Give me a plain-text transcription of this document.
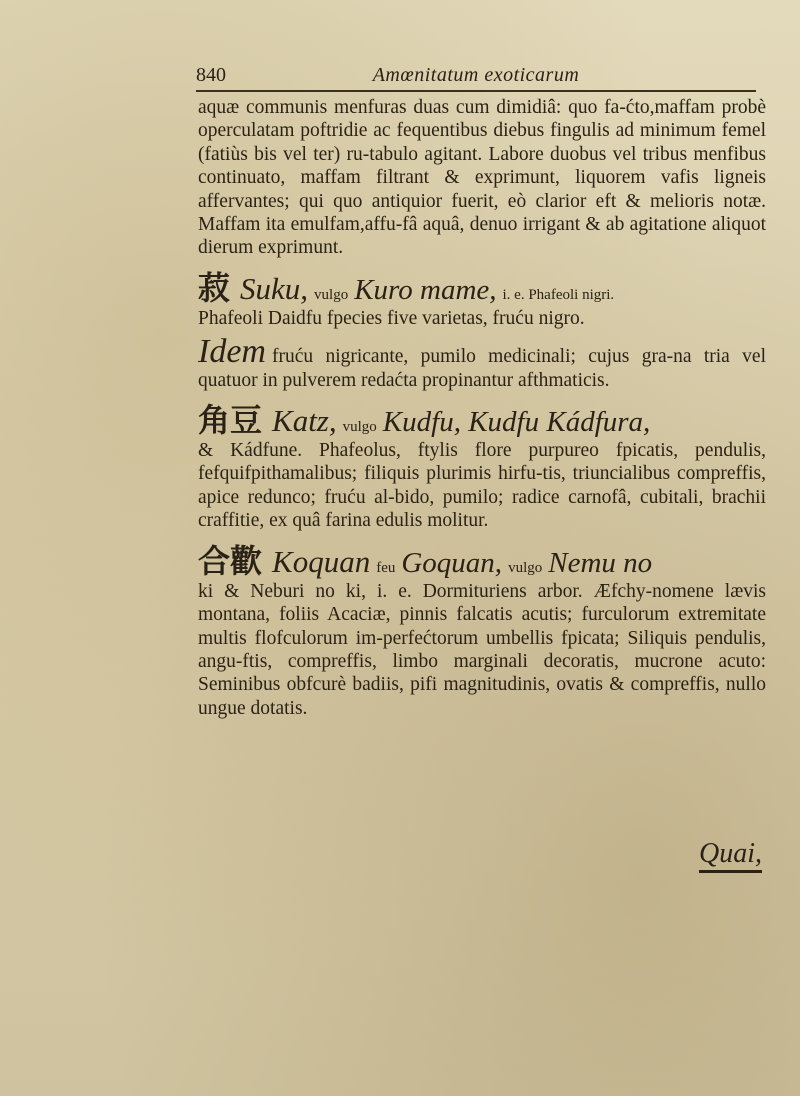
840	Amœnitatum exoticarum

aquæ communis menfuras duas cum dimidiâ: quo fa-ćto,maffam probè operculatam poftridie ac fequentibus diebus fingulis ad minimum femel (fatiùs bis vel ter) ru-tabulo agitant. Labore duobus vel tribus menfibus continuato, maffam filtrant & exprimunt, liquorem vafis ligneis affervantes; qui quo antiquior fuerit, eò clarior eft & melioris notæ. Maffam ita emulfam,affu-fâ aquâ, denuo irrigant & ab agitatione aliquot dierum exprimunt.

菽 Suku, vulgo Kuro mame, i. e. Phafeoli nigri.

Phafeoli Daidfu fpecies five varietas, fruću nigro.

Idem fruću nigricante, pumilo medicinali; cujus gra-na tria vel quatuor in pulverem redaćta propinantur afthmaticis.

角豆 Katz, vulgo Kudfu, Kudfu Kádfura,

& Kádfune. Phafeolus, ftylis flore purpureo fpicatis, pendulis, fefquifpithamalibus; filiquis plurimis hirfu-tis, triuncialibus compreffis, apice redunco; fruću al-bido, pumilo; radice carnofâ, cubitali, brachii craffitie, ex quâ farina edulis molitur.

合歡 Koquan feu Goquan, vulgo Nemu no

ki & Neburi no ki, i. e. Dormituriens arbor. Æfchy-nomene lævis montana, foliis Acaciæ, pinnis falcatis acutis; furculorum extremitate multis flofculorum im-perfećtorum umbellis fpicata; Siliquis pendulis, angu-ftis, compreffis, limbo marginali decoratis, mucrone acuto: Seminibus obfcurè badiis, pifi magnitudinis, ovatis & compreffis, nullo ungue dotatis.

Quai,
